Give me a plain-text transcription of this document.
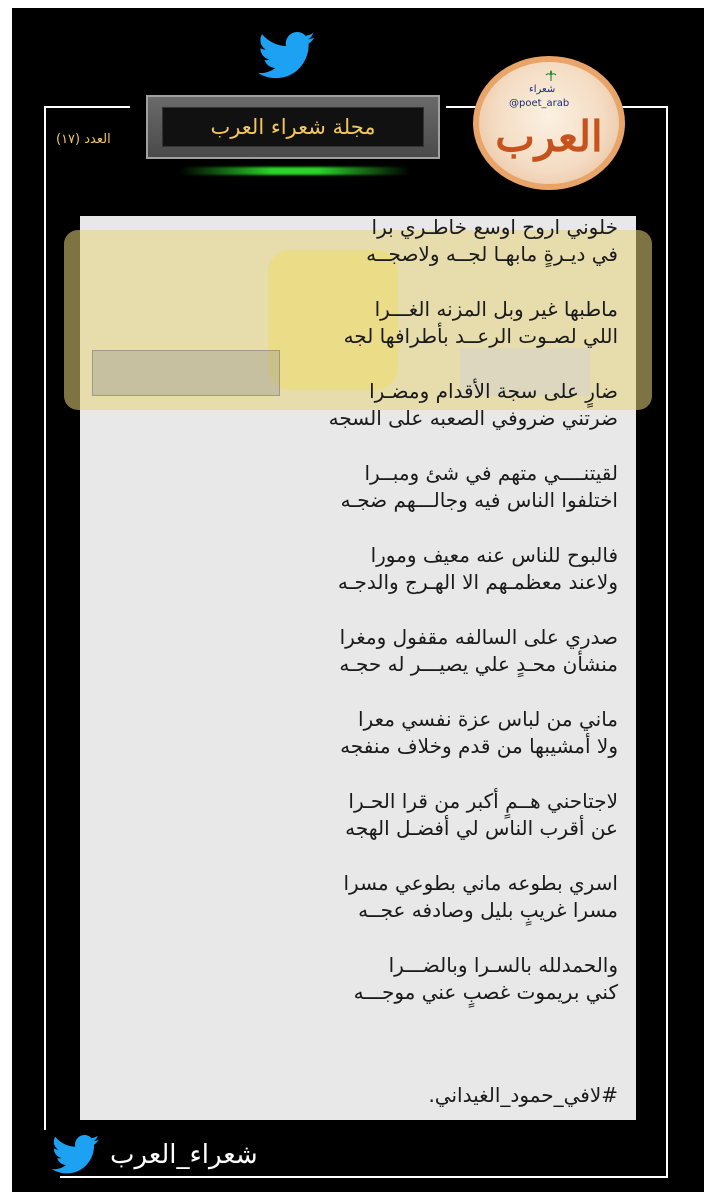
مجلة شعراء العرب
العدد (١٧)
شعراء
@poet_arab
العرب
خلوني اروح اوسع خاطـري برا
في ديـرةٍ مابهـا لجــه ولاصجــه
ماطبها غير وبل المزنه الغـــرا
اللي لصـوت الرعــد بأطرافها لجه
ضارٍ على سجة الأقدام ومضـرا
ضرتني ضروفي الصعبه على السجه
لقيتنــــي متهم في شئ ومبــرا
اختلفوا الناس فيه وجالـــهم ضجـه
فالبوح للناس عنه معيف ومورا
ولاعند معظمـهم الا الهـرج والدجـه
صدري على السالفه مقفول ومغرا
منشأن محـدٍ علي يصيـــر له حجـه
ماني من لباس عزة نفسي معرا
ولا أمشيبها من قدم وخلاف منفجه
لاجتاحني هــمٍ أكبر من قرا الحـرا
عن أقرب الناس لي أفضـل الهجه
اسري بطوعه ماني بطوعي مسرا
مسرا غريبٍ بليل وصادفه عجــه
والحمدلله بالسـرا وبالضـــرا
كني بريموت غصبٍ عني موجـــه
#لافي_حمود_الغيداني.
شعراء_العرب
